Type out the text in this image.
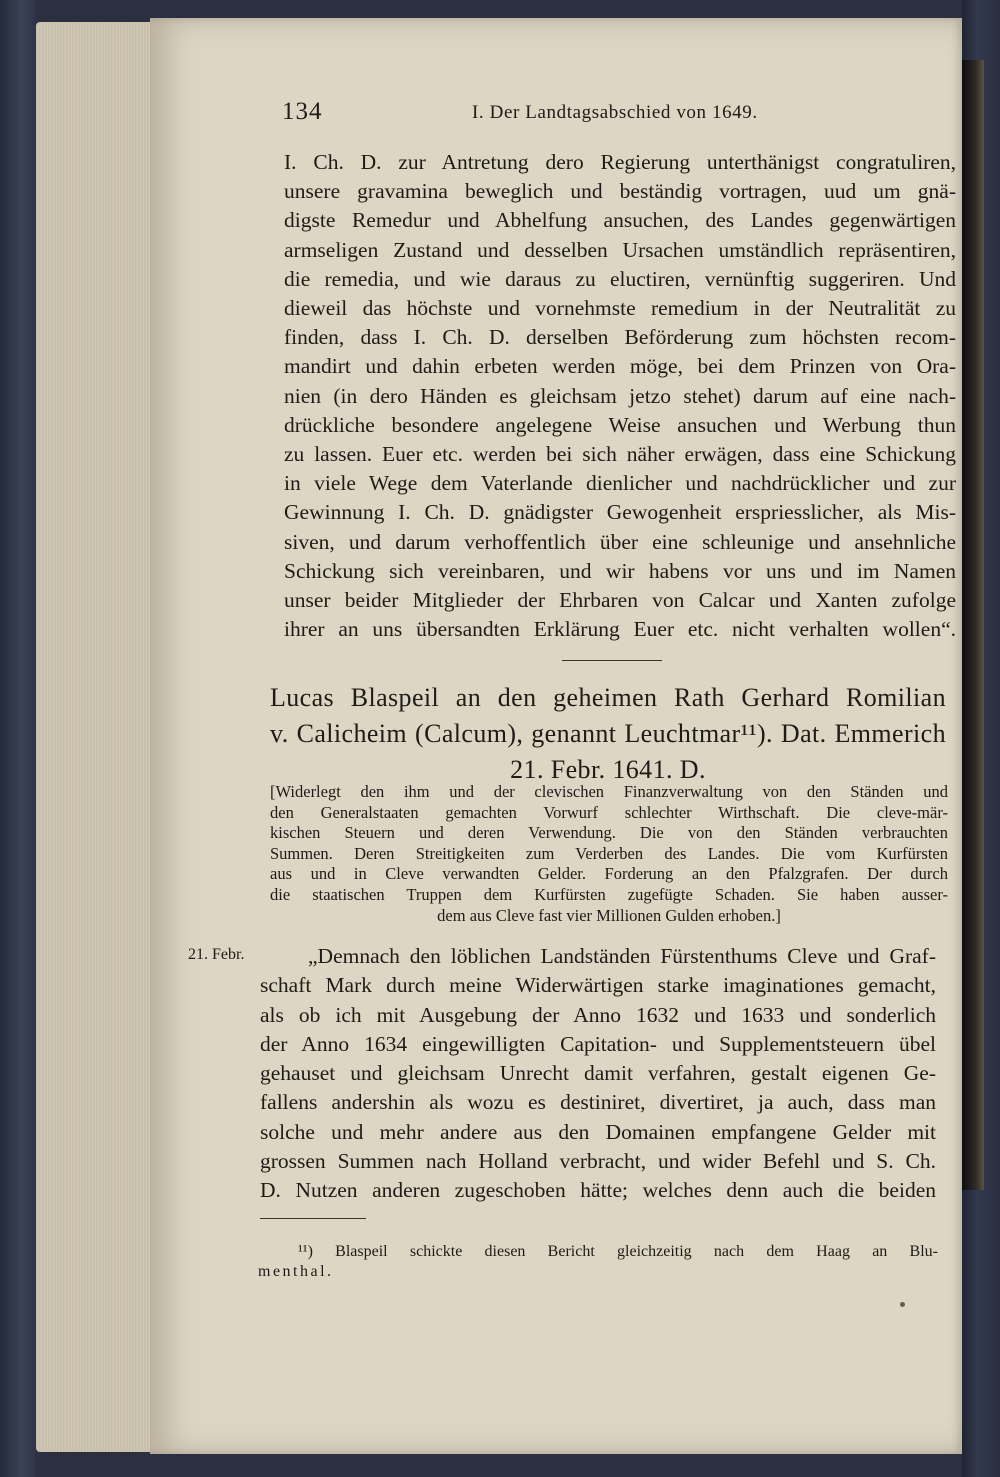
134	I. Der Landtagsabschied von 1649.
I. Ch. D. zur Antretung dero Regierung unterthänigst congratuliren,
unsere gravamina beweglich und beständig vortragen, uud um gnä-
digste Remedur und Abhelfung ansuchen, des Landes gegenwärtigen
armseligen Zustand und desselben Ursachen umständlich repräsentiren,
die remedia, und wie daraus zu eluctiren, vernünftig suggeriren. Und
dieweil das höchste und vornehmste remedium in der Neutralität zu
finden, dass I. Ch. D. derselben Beförderung zum höchsten recom-
mandirt und dahin erbeten werden möge, bei dem Prinzen von Ora-
nien (in dero Händen es gleichsam jetzo stehet) darum auf eine nach-
drückliche besondere angelegene Weise ansuchen und Werbung thun
zu lassen. Euer etc. werden bei sich näher erwägen, dass eine Schickung
in viele Wege dem Vaterlande dienlicher und nachdrücklicher und zur
Gewinnung I. Ch. D. gnädigster Gewogenheit erspriesslicher, als Mis-
siven, und darum verhoffentlich über eine schleunige und ansehnliche
Schickung sich vereinbaren, und wir habens vor uns und im Namen
unser beider Mitglieder der Ehrbaren von Calcar und Xanten zufolge
ihrer an uns übersandten Erklärung Euer etc. nicht verhalten wollen“.
Lucas Blaspeil an den geheimen Rath Gerhard Romilian
v. Calicheim (Calcum), genannt Leuchtmar¹¹). Dat. Emmerich
21. Febr. 1641. D.
[Widerlegt den ihm und der clevischen Finanzverwaltung von den Ständen und
den Generalstaaten gemachten Vorwurf schlechter Wirthschaft. Die cleve-mär-
kischen Steuern und deren Verwendung. Die von den Ständen verbrauchten
Summen. Deren Streitigkeiten zum Verderben des Landes. Die vom Kurfürsten
aus und in Cleve verwandten Gelder. Forderung an den Pfalzgrafen. Der durch
die staatischen Truppen dem Kurfürsten zugefügte Schaden. Sie haben ausser-
dem aus Cleve fast vier Millionen Gulden erhoben.]
21. Febr.	„Demnach den löblichen Landständen Fürstenthums Cleve und Graf-
schaft Mark durch meine Widerwärtigen starke imaginationes gemacht,
als ob ich mit Ausgebung der Anno 1632 und 1633 und sonderlich
der Anno 1634 eingewilligten Capitation- und Supplementsteuern übel
gehauset und gleichsam Unrecht damit verfahren, gestalt eigenen Ge-
fallens andershin als wozu es destiniret, divertiret, ja auch, dass man
solche und mehr andere aus den Domainen empfangene Gelder mit
grossen Summen nach Holland verbracht, und wider Befehl und S. Ch.
D. Nutzen anderen zugeschoben hätte; welches denn auch die beiden
¹¹) Blaspeil schickte diesen Bericht gleichzeitig nach dem Haag an Blu-
menthal.
